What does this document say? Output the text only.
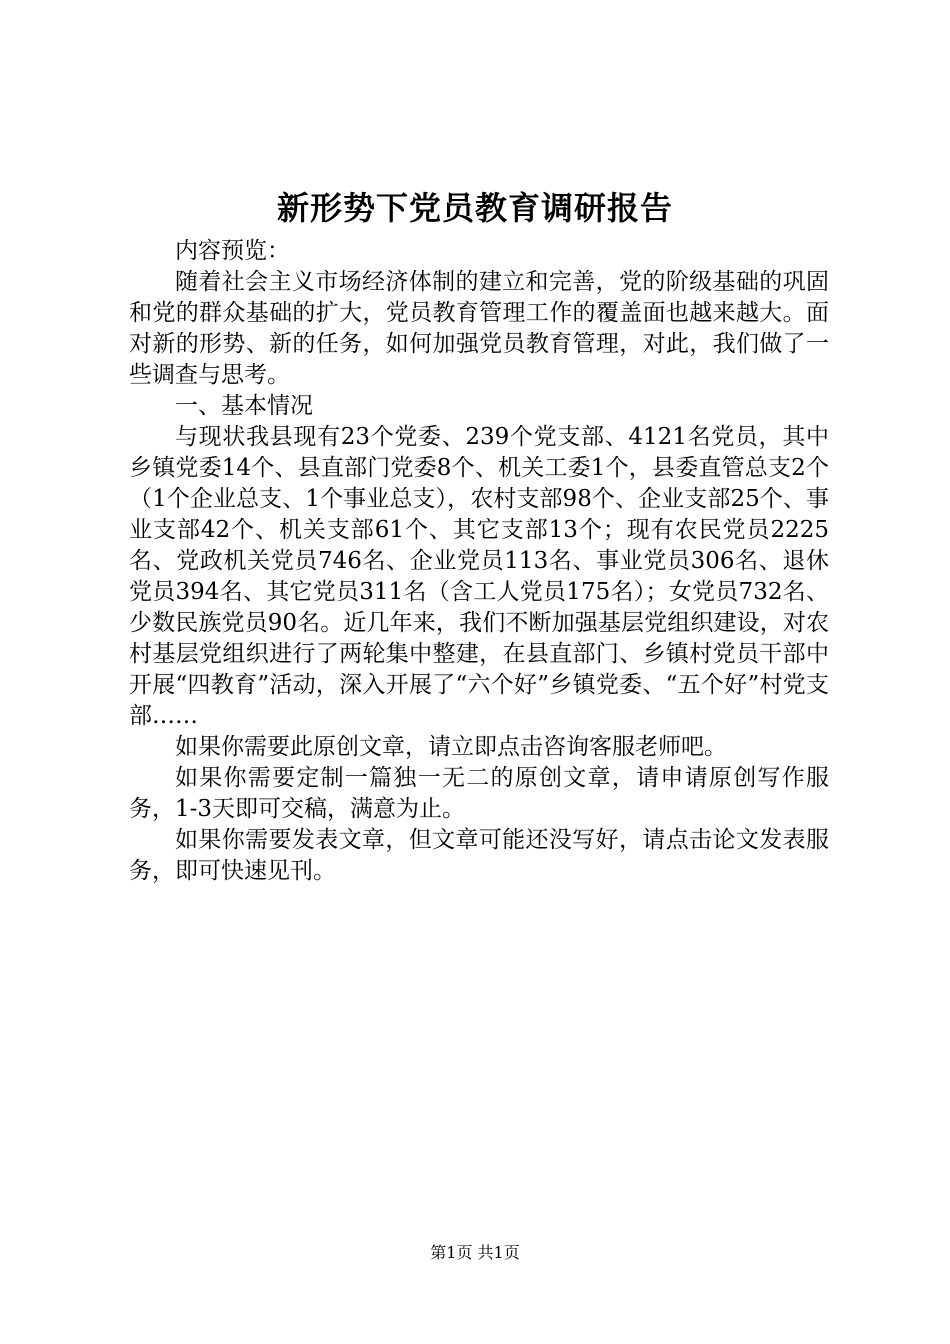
新形势下党员教育调研报告

内容预览：

随着社会主义市场经济体制的建立和完善，党的阶级基础的巩固和党的群众基础的扩大，党员教育管理工作的覆盖面也越来越大。面对新的形势、新的任务，如何加强党员教育管理，对此，我们做了一些调查与思考。

一、基本情况

与现状我县现有23个党委、239个党支部、4121名党员，其中乡镇党委14个、县直部门党委8个、机关工委1个，县委直管总支2个（1个企业总支、1个事业总支），农村支部98个、企业支部25个、事业支部42个、机关支部61个、其它支部13个；现有农民党员2225名、党政机关党员746名、企业党员113名、事业党员306名、退休党员394名、其它党员311名（含工人党员175名）；女党员732名、少数民族党员90名。近几年来，我们不断加强基层党组织建设，对农村基层党组织进行了两轮集中整建，在县直部门、乡镇村党员干部中开展“四教育”活动，深入开展了“六个好”乡镇党委、“五个好”村党支部……

如果你需要此原创文章，请立即点击咨询客服老师吧。

如果你需要定制一篇独一无二的原创文章，请申请原创写作服务，1-3天即可交稿，满意为止。

如果你需要发表文章，但文章可能还没写好，请点击论文发表服务，即可快速见刊。

第1页 共1页
